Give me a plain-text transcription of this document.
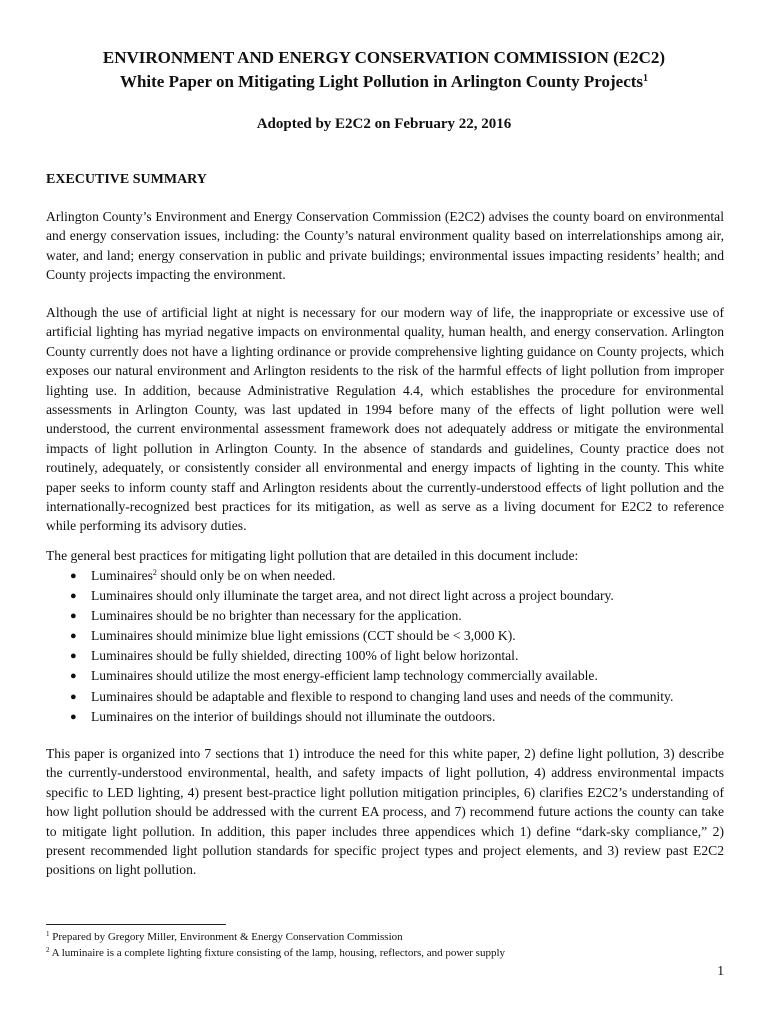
ENVIRONMENT AND ENERGY CONSERVATION COMMISSION (E2C2)
White Paper on Mitigating Light Pollution in Arlington County Projects$^1$
Adopted by E2C2 on February 22, 2016
EXECUTIVE SUMMARY

Arlington County’s Environment and Energy Conservation Commission (E2C2) advises the county board on environmental and energy conservation issues, including: the County’s natural environment quality based on interrelationships among air, water, and land; energy conservation in public and private buildings; environmental issues impacting residents’ health; and County projects impacting the environment.

Although the use of artificial light at night is necessary for our modern way of life, the inappropriate or excessive use of artificial lighting has myriad negative impacts on environmental quality, human health, and energy conservation. Arlington County currently does not have a lighting ordinance or provide comprehensive lighting guidance on County projects, which exposes our natural environment and Arlington residents to the risk of the harmful effects of light pollution from improper lighting use. In addition, because Administrative Regulation 4.4, which establishes the procedure for environmental assessments in Arlington County, was last updated in 1994 before many of the effects of light pollution were well understood, the current environmental assessment framework does not adequately address or mitigate the environmental impacts of light pollution in Arlington County. In the absence of standards and guidelines, County practice does not routinely, adequately, or consistently consider all environmental and energy impacts of lighting in the county. This white paper seeks to inform county staff and Arlington residents about the currently-understood effects of light pollution and the internationally-recognized best practices for its mitigation, as well as serve as a living document for E2C2 to reference while performing its advisory duties.

The general best practices for mitigating light pollution that are detailed in this document include:

● Luminaires$^2$ should only be on when needed.
● Luminaires should only illuminate the target area, and not direct light across a project boundary.
● Luminaires should be no brighter than necessary for the application.
● Luminaires should minimize blue light emissions (CCT should be < 3,000 K).
● Luminaires should be fully shielded, directing 100% of light below horizontal.
● Luminaires should utilize the most energy-efficient lamp technology commercially available.
● Luminaires should be adaptable and flexible to respond to changing land uses and needs of the community.
● Luminaires on the interior of buildings should not illuminate the outdoors.

This paper is organized into 7 sections that 1) introduce the need for this white paper, 2) define light pollution, 3) describe the currently-understood environmental, health, and safety impacts of light pollution, 4) address environmental impacts specific to LED lighting, 4) present best-practice light pollution mitigation principles, 6) clarifies E2C2’s understanding of how light pollution should be addressed with the current EA process, and 7) recommend future actions the county can take to mitigate light pollution. In addition, this paper includes three appendices which 1) define “dark-sky compliance,” 2) present recommended light pollution standards for specific project types and project elements, and 3) review past E2C2 positions on light pollution.

$^1$ Prepared by Gregory Miller, Environment & Energy Conservation Commission
$^2$ A luminaire is a complete lighting fixture consisting of the lamp, housing, reflectors, and power supply
1
